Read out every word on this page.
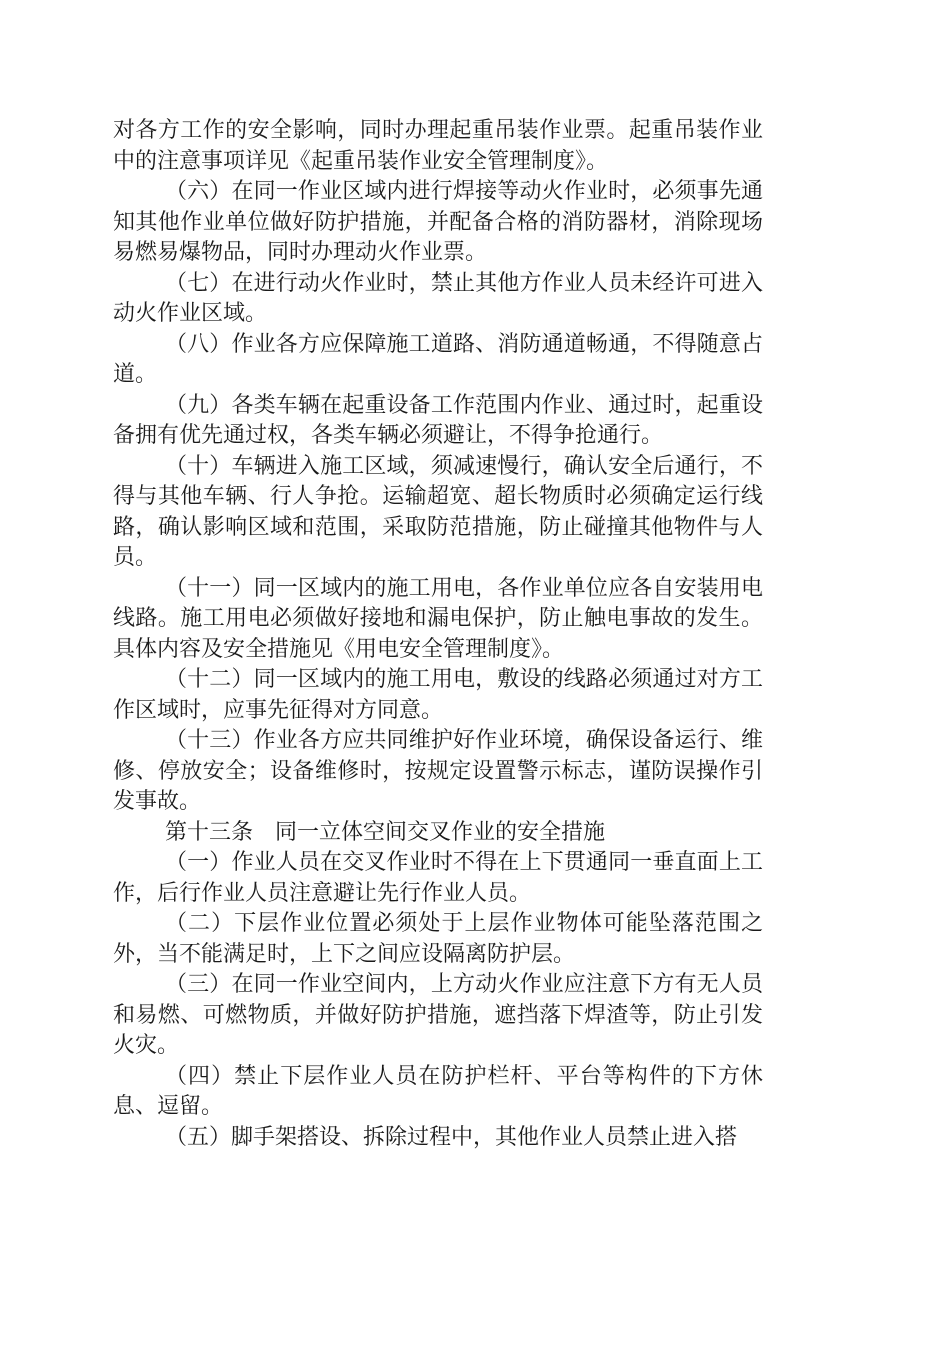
对各方工作的安全影响，同时办理起重吊装作业票。起重吊装作业中的注意事项详见《起重吊装作业安全管理制度》。

（六）在同一作业区域内进行焊接等动火作业时，必须事先通知其他作业单位做好防护措施，并配备合格的消防器材，消除现场易燃易爆物品，同时办理动火作业票。

（七）在进行动火作业时，禁止其他方作业人员未经许可进入动火作业区域。

（八）作业各方应保障施工道路、消防通道畅通，不得随意占道。

（九）各类车辆在起重设备工作范围内作业、通过时，起重设备拥有优先通过权，各类车辆必须避让，不得争抢通行。

（十）车辆进入施工区域，须减速慢行，确认安全后通行，不得与其他车辆、行人争抢。运输超宽、超长物质时必须确定运行线路，确认影响区域和范围，采取防范措施，防止碰撞其他物件与人员。

（十一）同一区域内的施工用电，各作业单位应各自安装用电线路。施工用电必须做好接地和漏电保护，防止触电事故的发生。具体内容及安全措施见《用电安全管理制度》。

（十二）同一区域内的施工用电，敷设的线路必须通过对方工作区域时，应事先征得对方同意。

（十三）作业各方应共同维护好作业环境，确保设备运行、维修、停放安全；设备维修时，按规定设置警示标志，谨防误操作引发事故。

第十三条　同一立体空间交叉作业的安全措施

（一）作业人员在交叉作业时不得在上下贯通同一垂直面上工作，后行作业人员注意避让先行作业人员。

（二）下层作业位置必须处于上层作业物体可能坠落范围之外，当不能满足时，上下之间应设隔离防护层。

（三）在同一作业空间内，上方动火作业应注意下方有无人员和易燃、可燃物质，并做好防护措施，遮挡落下焊渣等，防止引发火灾。

（四）禁止下层作业人员在防护栏杆、平台等构件的下方休息、逗留。

（五）脚手架搭设、拆除过程中，其他作业人员禁止进入搭
